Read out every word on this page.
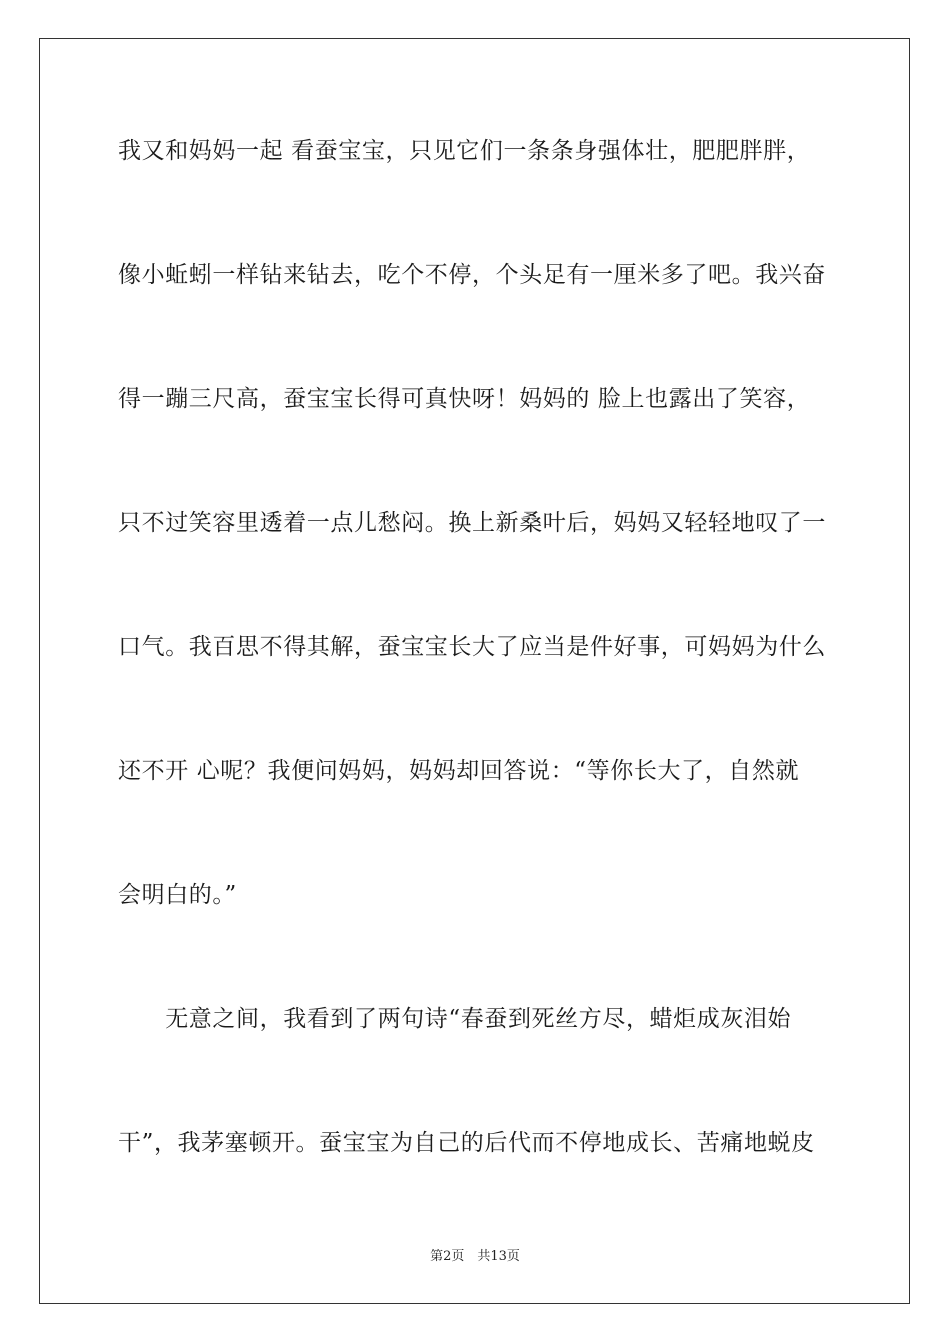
我又和妈妈一起 看蚕宝宝，只见它们一条条身强体壮，肥肥胖胖，
像小蚯蚓一样钻来钻去，吃个不停，个头足有一厘米多了吧。我兴奋
得一蹦三尺高，蚕宝宝长得可真快呀！妈妈的 脸上也露出了笑容，
只不过笑容里透着一点儿愁闷。换上新桑叶后，妈妈又轻轻地叹了一
口气。我百思不得其解，蚕宝宝长大了应当是件好事，可妈妈为什么
还不开 心呢？我便问妈妈，妈妈却回答说：“等你长大了，自然就
会明白的。”
　　无意之间，我看到了两句诗“春蚕到死丝方尽，蜡炬成灰泪始
干”，我茅塞顿开。蚕宝宝为自己的后代而不停地成长、苦痛地蜕皮
第2页　共13页
